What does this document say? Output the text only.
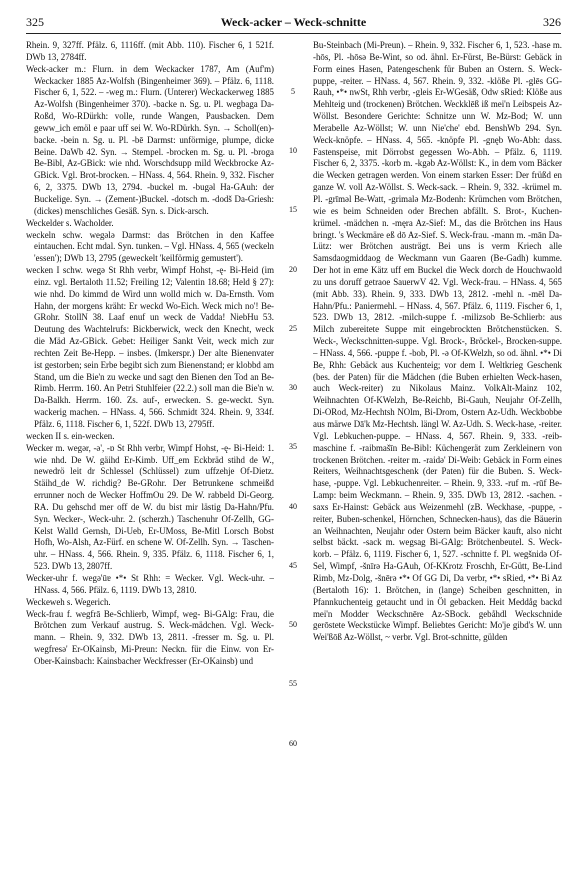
325	Weck-acker – Weck-schnitte	326

Rhein. 9, 327ff. Pfälz. 6, 1116ff. (mit Abb. 110). Fischer 6, 1 521f. DWb 13, 2784ff.

Weck-acker m.: Flurn. in dem Weckacker 1787, Am (Auf'm) Weckacker 1885 Az-Wolfsh (Bingenheimer 369). – Pfälz. 6, 1118. Fischer 6, 1, 522. – -weg m.: Flurn. (Unterer) Weckackerweg 1885 Az-Wolfsh (Bingenheimer 370). -backe n. Sg. u. Pl. wegbaga Da-Roßd, Wo-RDürkh: volle, runde Wangen, Pausbacken. Dem geww_ich emöl e paar uff sei W. Wo-RDürkh. Syn. → Scholl(en)-backe. -bein n. Sg. u. Pl. -bē Darmst: unförmige, plumpe, dicke Beine. DaWb 42. Syn. → Stempel. -brocken m. Sg. u. Pl. -broga Be-Bibl, Az-GBick: wie nhd. Worschdsupp mild Weckbrocke Az-GBick. Vgl. Brot-brocken. – HNass. 4, 564. Rhein. 9, 332. Fischer 6, 2, 3375. DWb 13, 2794. -buckel m. -bugəl Ha-GAuh: der Buckelige. Syn. → (Zement-)Buckel. -dotsch m. -dodš Da-Griesh: (dickes) menschliches Gesäß. Syn. s. Dick-arsch.

Weckelder s. Wacholder.

weckeln schw. wegələ Darmst: das Brötchen in den Kaffee eintauchen. Echt mdal. Syn. tunken. – Vgl. HNass. 4, 565 (weckeln 'essen'); DWb 13, 2795 (geweckelt 'keilförmig gemustert').

wecken I schw. wegə St Rhh verbr, Wimpf Hohst, -ę- Bi-Heid (im einz. vgl. Bertaloth 11.52; Freiling 12; Valentin 18.68; Held § 27): wie nhd. Do kimmd de Wird unn wolld mich w. Da-Ernsth. Vom Hahn, der morgens kräht: Er weckd Wo-Eich. Weck mich no'! Be-GRohr. StollN 38. Laaf enuf un weck de Vadda! NiebHu 53. Deutung des Wachtelrufs: Bickberwick, weck den Knecht, weck die Mäd Az-GBick. Gebet: Heiliger Sankt Veit, weck mich zur rechten Zeit Be-Hepp. – insbes. (Imkerspr.) Der alte Bienenvater ist gestorben; sein Erbe begibt sich zum Bienenstand; er klobbd am Stand, um die Bie'n zu wecke und sagt den Bienen den Tod an Be-Rimb. Herrm. 160. An Petri Stuhlfeier (22.2.) soll man die Bie'n w. Da-Balkh. Herrm. 160. Zs. auf-, erwecken. S. ge-weckt. Syn. wackerig machen. – HNass. 4, 566. Schmidt 324. Rhein. 9, 334f. Pfälz. 6, 1118. Fischer 6, 1, 522f. DWb 13, 2795ff.

wecken II s. ein-wecken.

Wecker m. wegər, -ə', -ɒ St Rhh verbr, Wimpf Hohst, -ę- Bi-Heid: 1. wie nhd. De W. gäihd Er-Kimb. Uff_em Eckbräd stihd de W., newedrö leit dr Schlessel (Schlüssel) zum uffzehje Of-Dietz. Stäihd_de W. richdig? Be-GRohr. Der Betrunkene schmeißd errunner noch de Wecker HoffmOu 29. De W. rabbeld Di-Georg. RA. Du gehschd mer off de W. du bist mir lästig Da-Hahn/Pfu. Syn. Wecker-, Weck-uhr. 2. (scherzh.) Taschenuhr Of-Zellh, GG-Kelst Walld Gernsh, Di-Ueb, Er-UMoss, Be-Mitl Lorsch Bobst Hofh, Wo-Alsh, Az-Fürf. en schene W. Of-Zellh. Syn. → Taschen-uhr. – HNass. 4, 566. Rhein. 9, 335. Pfälz. 6, 1118. Fischer 6, 1, 523. DWb 13, 2807ff.

Wecker-uhr f. wegə'ūɐ •*• St Rhh: = Wecker. Vgl. Weck-uhr. – HNass. 4, 566. Pfälz. 6, 1119. DWb 13, 2810.

Weckeweh s. Wegerich.

Weck-frau f. wegfrā Be-Schlierb, Wimpf, weg- Bi-GAlg: Frau, die Brötchen zum Verkauf austrug. S. Weck-mädchen. Vgl. Weck-mann. – Rhein. 9, 332. DWb 13, 2811. -fresser m. Sg. u. Pl. wegfresə' Er-OKainsb, Mi-Preun: Neckn. für die Einw. von Er-Ober-Kainsbach: Kainsbacher Weckfresser (Er-OKainsb) und

5
10
15
20
25
30
35
40
45
50
55
60

Bu-Steinbach (Mi-Preun). – Rhein. 9, 332. Fischer 6, 1, 523. -hase m. -hōs, Pl. -hōsə Be-Wint, so od. ähnl. Er-Fürst, Be-Bürst: Gebäck in Form eines Hasen, Patengeschenk für Buben an Ostern. S. Weck-puppe, -reiter. – HNass. 4, 567. Rhein. 9, 332. -klöße Pl. -glēs GG-Rauh, •*• nwSt, Rhh verbr, -gleis Er-WGesäß, Odw sRied: Klöße aus Mehlteig und (trockenen) Brötchen. Weckklēß iß mei'n Leibspeis Az-Wöllst. Besondere Gerichte: Schnitze unn W. Mz-Bod; W. unn Merabelle Az-Wöllst; W. unn Nie'che' ebd. BenshWb 294. Syn. Weck-knöpfe. – HNass. 4, 565. -knöpfe Pl. -gnęb Wo-Abh: dass. Fastenspeise, mit Dörrobst gegessen Wo-Abh. – Pfälz. 6, 1119. Fischer 6, 2, 3375. -korb m. -kgəb Az-Wöllst: K., in dem vom Bäcker die Wecken getragen werden. Von einem starken Esser: Der früßd en ganze W. voll Az-Wöllst. S. Weck-sack. – Rhein. 9, 332. -krümel m. Pl. -grīməl Be-Watt, -grimalə Mz-Bodenh: Krümchen vom Brötchen, wie es beim Schneiden oder Brechen abfällt. S. Brot-, Kuchen-krümel. -mädchen n. -męra Az-Sief: M., das die Brötchen ins Haus bringt. 's Weckmäre eß dō Az-Sief. S. Weck-frau. -mann m. -mān Da-Lütz: wer Brötchen austrägt. Bei uns is verm Kriech alle Samsdaogmiddaog de Weckmann vun Gaaren (Be-Gadh) kumme. Der hot in eme Kätz uff em Buckel die Weck dorch de Houchwaold zu uns doruff getraoe SauerwV 42. Vgl. Weck-frau. – HNass. 4, 565 (mit Abb. 33). Rhein. 9, 333. DWb 13, 2812. -mehl n. -mēl Da-Hahn/Pfu.: Paniermehl. – HNass. 4, 567. Pfälz. 6, 1119. Fischer 6, 1, 523. DWb 13, 2812. -milch-suppe f. -milizsob Be-Schlierb: aus Milch zubereitete Suppe mit eingebrockten Brötchenstücken. S. Weck-, Weckschnitten-suppe. Vgl. Brock-, Bröckel-, Brocken-suppe. – HNass. 4, 566. -puppe f. -bob, Pl. -ə Of-KWelzh, so od. ähnl. •*• Di Be, Rhh: Gebäck aus Kuchenteig; vor dem I. Weltkrieg Geschenk (bes. der Paten) für die Mädchen (die Buben erhielten Weck-hasen, auch Weck-reiter) zu Nikolaus Mainz. VolkAlt-Mainz 102, Weihnachten Of-KWelzh, Be-Reichb, Bi-Gauh, Neujahr Of-Zellh, Di-ORod, Mz-Hechtsh NOlm, Bi-Drom, Ostern Az-Udh. Weckbobbe aus märwe Dā'k Mz-Hechtsh. längl W. Az-Udh. S. Weck-hase, -reiter. Vgl. Lebkuchen-puppe. – HNass. 4, 567. Rhein. 9, 333. -reib-maschine f. -raibmašīn Be-Bibl: Küchengerät zum Zerkleinern von trockenen Brötchen. -reiter m. -raidə' Di-Weib: Gebäck in Form eines Reiters, Weihnachtsgeschenk (der Paten) für die Buben. S. Weck-hase, -puppe. Vgl. Lebkuchenreiter. – Rhein. 9, 333. -ruf m. -rūf Be-Lamp: beim Weckmann. – Rhein. 9, 335. DWb 13, 2812. -sachen. -saxs Er-Hainst: Gebäck aus Weizenmehl (zB. Weckhase, -puppe, -reiter, Buben-schenkel, Hörnchen, Schnecken-haus), das die Bäuerin an Weihnachten, Neujahr oder Ostern beim Bäcker kauft, also nicht selbst bäckt. -sack m. wegsag Bi-GAlg: Brötchenbeutel. S. Weck-korb. – Pfälz. 6, 1119. Fischer 6, 1, 527. -schnitte f. Pl. wegšnidə Of-Sel, Wimpf, -šnīrə Ha-GAuh, Of-KKrotz Froschh, Er-Gütt, Be-Lind Rimb, Mz-Dolg, -šnērə •*• Of GG Di, Da verbr, •*• sRied, •*• Bi Az (Bertaloth 16): 1. Brötchen, in (lange) Scheiben geschnitten, in Pfannkuchenteig getaucht und in Öl gebacken. Heit Meddåg backd mei'n Modder Weckschnēre Az-SBock. gebåhdl Weckschnide gerōstete Weckstücke Wimpf. Beliebtes Gericht: Mo'je gibd's W. unn Wei'ßōß Az-Wöllst, ~ verbr. Vgl. Brot-schnitte, gülden
